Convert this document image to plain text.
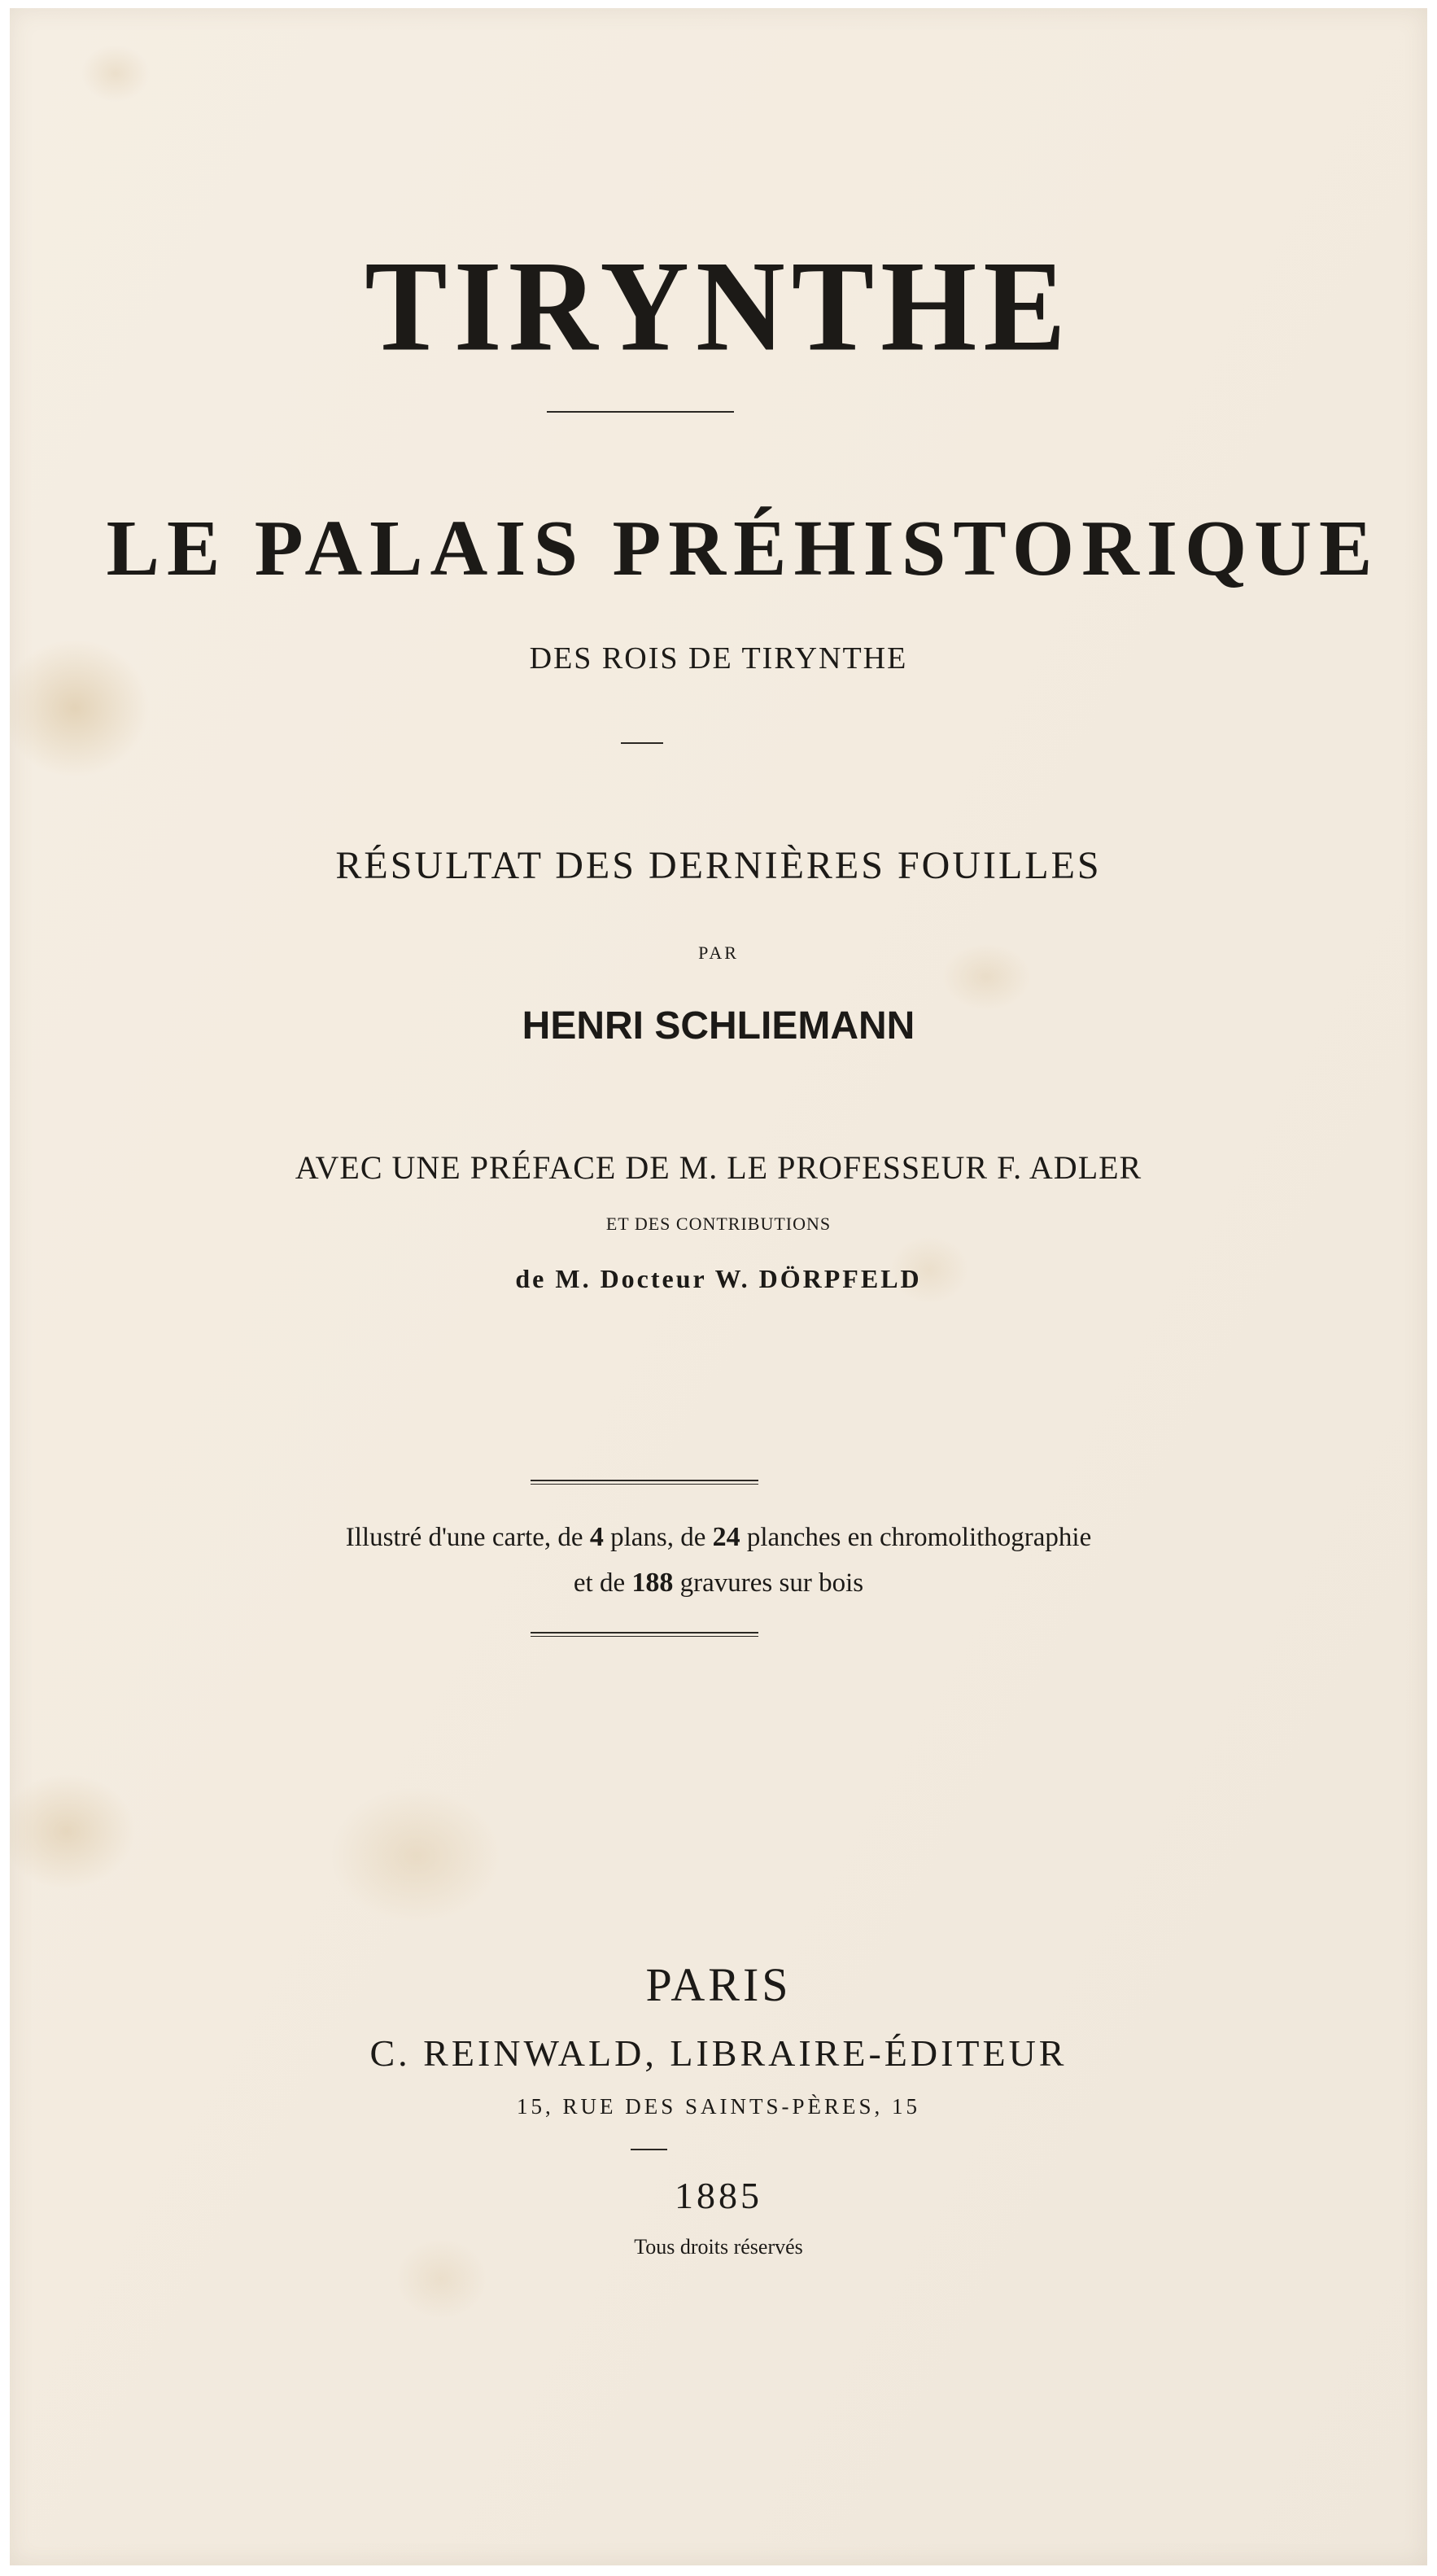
TIRYNTHE
LE PALAIS PRÉHISTORIQUE
DES ROIS DE TIRYNTHE
RÉSULTAT DES DERNIÈRES FOUILLES
PAR
HENRI SCHLIEMANN
AVEC UNE PRÉFACE DE M. LE PROFESSEUR F. ADLER
ET DES CONTRIBUTIONS
de M. Docteur W. DÖRPFELD
Illustré d'une carte, de 4 plans, de 24 planches en chromolithographie
et de 188 gravures sur bois
PARIS
C. REINWALD, LIBRAIRE-ÉDITEUR
15, RUE DES SAINTS-PÈRES, 15
1885
Tous droits réservés
